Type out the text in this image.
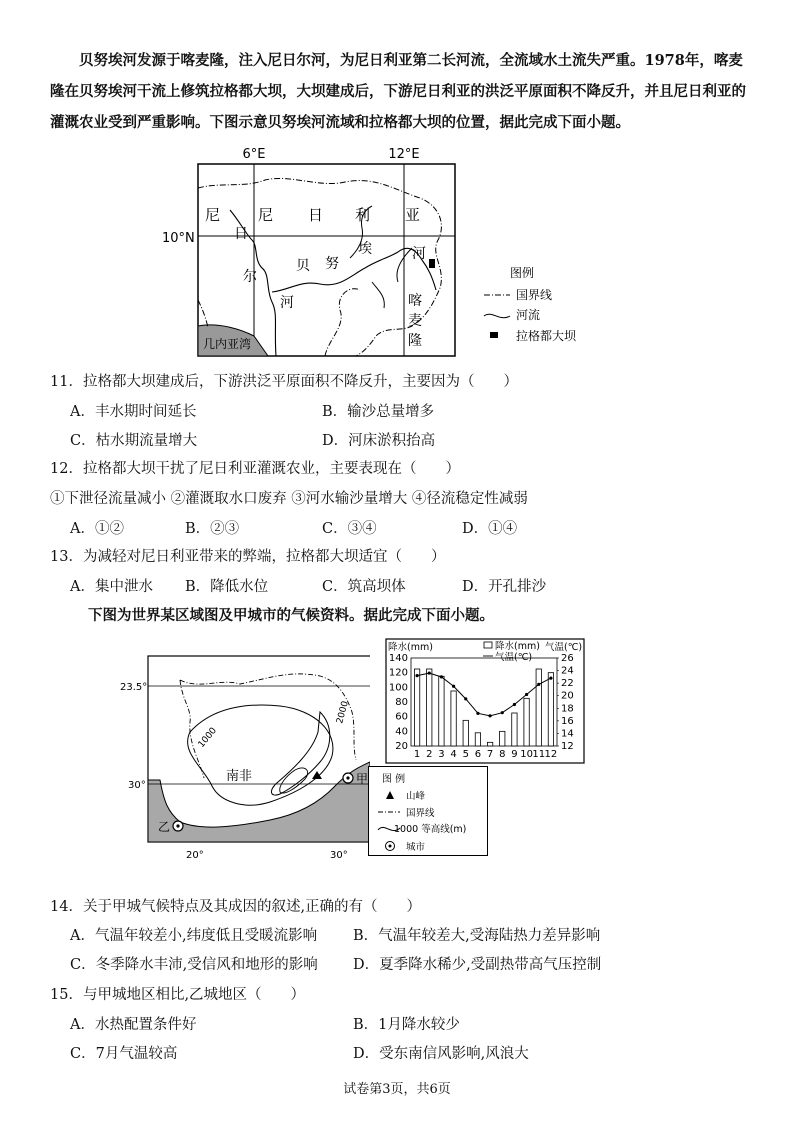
贝努埃河发源于喀麦隆，注入尼日尔河，为尼日利亚第二长河流，全流域水土流失严重。1978年，喀麦隆在贝努埃河干流上修筑拉格都大坝，大坝建成后，下游尼日利亚的洪泛平原面积不降反升，并且尼日利亚的灌溉农业受到严重影响。下图示意贝努埃河流域和拉格都大坝的位置，据此完成下面小题。
6°E	12°E
10°N
几内亚湾
尼	尼 日 利 亚
日
尔
河
贝 努
埃	河
喀
麦
隆
图例
国界线
河流
拉格都大坝
11．拉格都大坝建成后，下游洪泛平原面积不降反升，主要因为（　　）
A．丰水期时间延长	B．输沙总量增多
C．枯水期流量增大	D．河床淤积抬高
12．拉格都大坝干扰了尼日利亚灌溉农业，主要表现在（　　）
①下泄径流量减小 ②灌溉取水口废弃 ③河水输沙量增大 ④径流稳定性减弱
A．①②	B．②③	C．③④	D．①④
13．为减轻对尼日利亚带来的弊端，拉格都大坝适宜（　　）
A．集中泄水 B．降低水位	C．筑高坝体	D．开孔排沙
下图为世界某区域图及甲城市的气候资料。据此完成下面小题。
23.5°
30°
20°	30°
1000
2000
南非	甲
乙
降水(mm)	气温(℃)
降水(mm)
气温(℃)
20
40
60
80
100
120
140
12
14
16
18
20
22
24
26
1 2 3 4 5 6 7 8 9 10 11 12
图 例
山峰
国界线
1000 等高线(m)
城市
14．关于甲城气候特点及其成因的叙述,正确的有（　　）
A．气温年较差小,纬度低且受暖流影响 B．气温年较差大,受海陆热力差异影响
C．冬季降水丰沛,受信风和地形的影响 D．夏季降水稀少,受副热带高气压控制
15．与甲城地区相比,乙城地区（　　）
A．水热配置条件好	B．1月降水较少
C．7月气温较高	D．受东南信风影响,风浪大
试卷第3页，共6页
